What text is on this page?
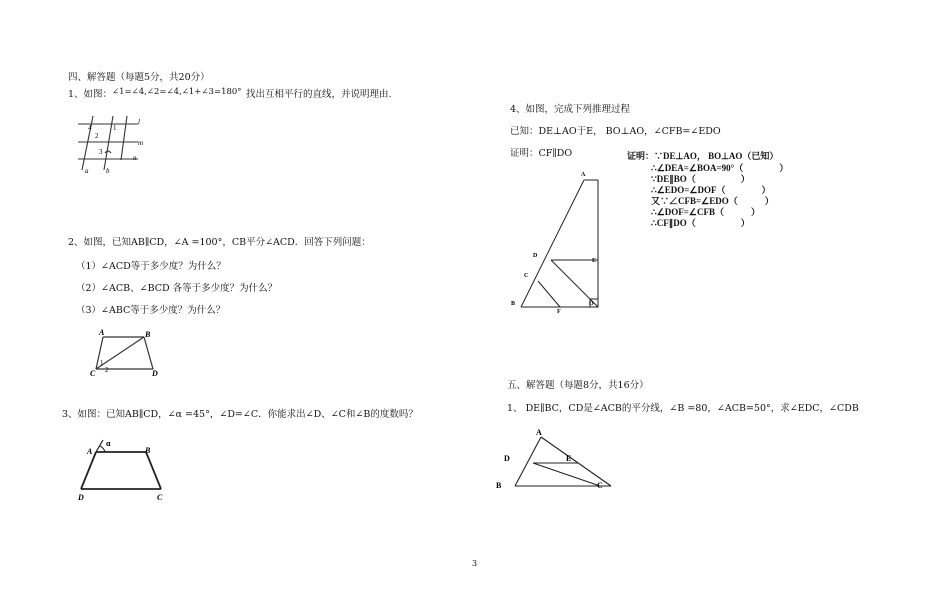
四、解答题（每题5分，共20分）
1、如图： ∠1=∠4,∠2=∠4,∠1+∠3=180° 找出互相平行的直线，并说明理由.
l
m
n
a	b
4	1
2
3
2、如图，已知AB∥CD，∠A =100°，CB平分∠ACD．回答下列问题：
（1）∠ACD等于多少度？为什么？
（2）∠ACB、∠BCD 各等于多少度？为什么？
（3）∠ABC等于多少度？为什么？
A	B
C	D
1
2
3、如图：已知AB∥CD，∠α =45°，∠D=∠C．你能求出∠D、∠C和∠B的度数吗？
A	B
D	C
α
4、如图，完成下列推理过程
已知：DE⊥AO于E， BO⊥AO，∠CFB=∠EDO
证明：CF∥DO	证明：∵DE⊥AO， BO⊥AO（已知）
∴∠DEA=∠BOA=90°（　　　　）
∵DE∥BO（　　　　　）
∴∠EDO=∠DOF（　　　　）
又∵∠CFB=∠EDO（　　　）
∴∠DOF=∠CFB（　　　）
∴CF∥DO（　　　　　）
A
D
E
C
B
F
O
五、解答题（每题8分，共16分）
1、 DE∥BC，CD是∠ACB的平分线，∠B =80，∠ACB=50°，求∠EDC，∠CDB
A
D	E
B	C
3
